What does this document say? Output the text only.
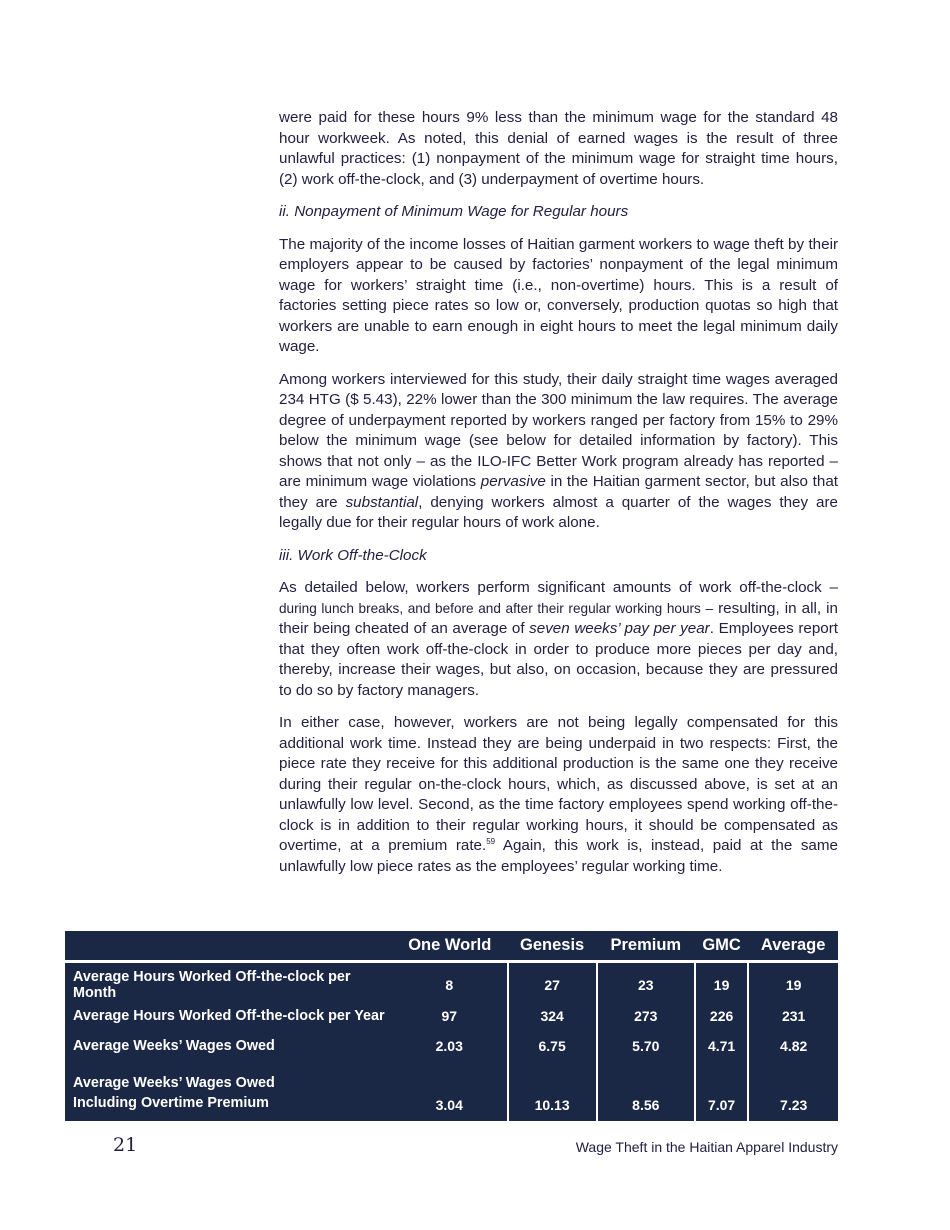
were paid for these hours 9% less than the minimum wage for the standard 48 hour workweek. As noted, this denial of earned wages is the result of three unlawful practices: (1) nonpayment of the minimum wage for straight time hours, (2) work off-the-clock, and (3) underpayment of overtime hours.

ii. Nonpayment of Minimum Wage for Regular hours

The majority of the income losses of Haitian garment workers to wage theft by their employers appear to be caused by factories’ nonpayment of the legal minimum wage for workers’ straight time (i.e., non-overtime) hours. This is a result of factories setting piece rates so low or, conversely, production quotas so high that workers are unable to earn enough in eight hours to meet the legal minimum daily wage.

Among workers interviewed for this study, their daily straight time wages averaged 234 HTG ($ 5.43), 22% lower than the 300 minimum the law requires. The average degree of underpayment reported by workers ranged per factory from 15% to 29% below the minimum wage (see below for detailed information by factory). This shows that not only – as the ILO-IFC Better Work program already has reported – are minimum wage violations pervasive in the Haitian garment sector, but also that they are substantial, denying workers almost a quarter of the wages they are legally due for their regular hours of work alone.

iii. Work Off-the-Clock

As detailed below, workers perform significant amounts of work off-the-clock – during lunch breaks, and before and after their regular working hours – resulting, in all, in their being cheated of an average of seven weeks’ pay per year. Employees report that they often work off-the-clock in order to produce more pieces per day and, thereby, increase their wages, but also, on occasion, because they are pressured to do so by factory managers.

In either case, however, workers are not being legally compensated for this additional work time. Instead they are being underpaid in two respects: First, the piece rate they receive for this additional production is the same one they receive during their regular on-the-clock hours, which, as discussed above, is set at an unlawfully low level. Second, as the time factory employees spend working off-the-clock is in addition to their regular working hours, it should be compensated as overtime, at a premium rate.$^{59}$ Again, this work is, instead, paid at the same unlawfully low piece rates as the employees’ regular working time.

	One World	Genesis	Premium	GMC	Average
Average Hours Worked Off-the-clock per Month	8	27	23	19	19
Average Hours Worked Off-the-clock per Year	97	324	273	226	231
Average Weeks’ Wages Owed	2.03	6.75	5.70	4.71	4.82
Average Weeks’ Wages Owed
Including Overtime Premium	3.04	10.13	8.56	7.07	7.23
21	Wage Theft in the Haitian Apparel Industry
